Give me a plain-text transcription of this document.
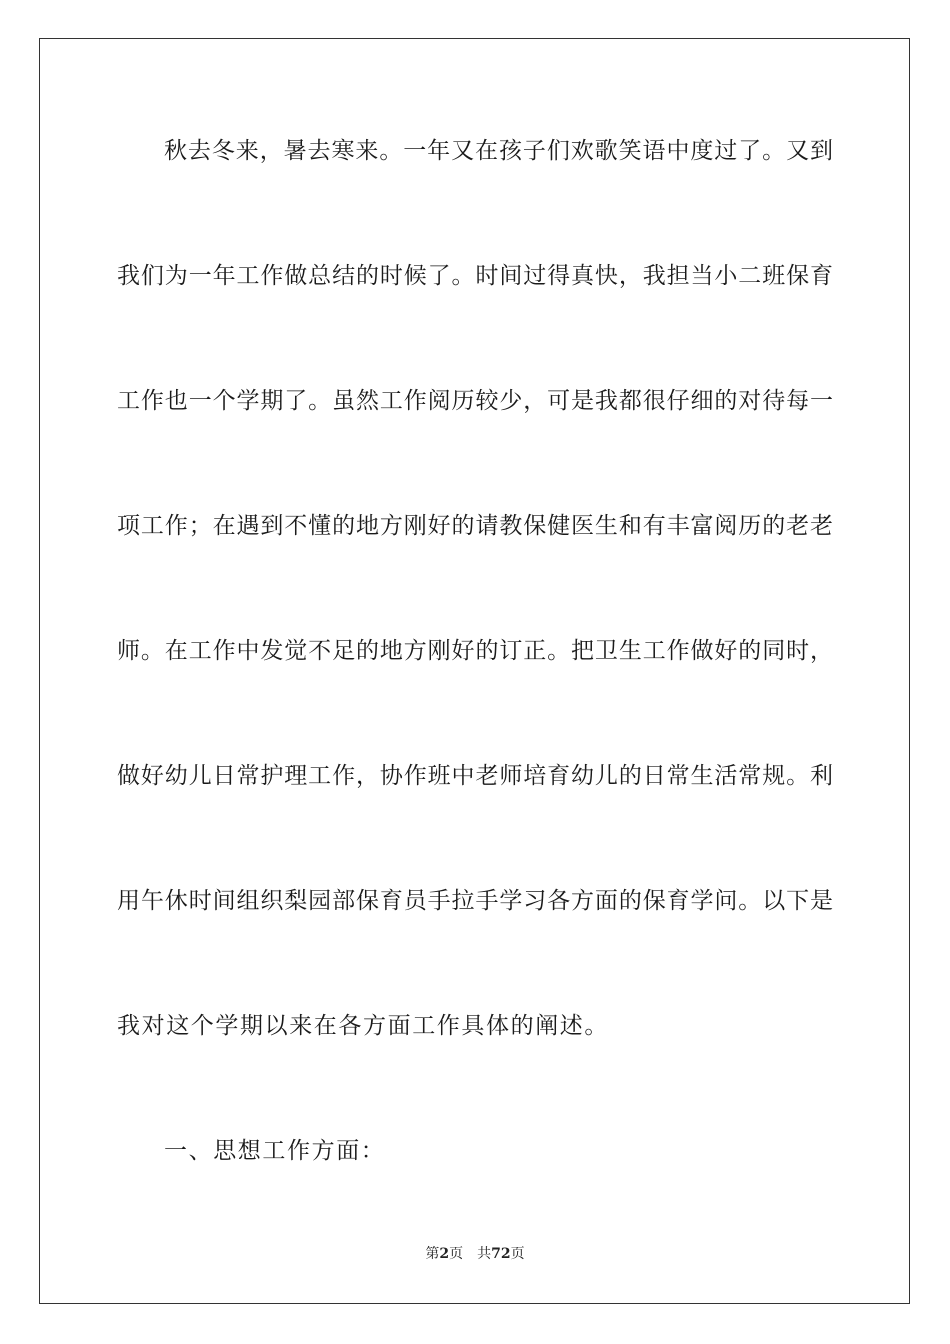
秋去冬来，暑去寒来。一年又在孩子们欢歌笑语中度过了。又到
我们为一年工作做总结的时候了。时间过得真快，我担当小二班保育
工作也一个学期了。虽然工作阅历较少，可是我都很仔细的对待每一
项工作；在遇到不懂的地方刚好的请教保健医生和有丰富阅历的老老
师。在工作中发觉不足的地方刚好的订正。把卫生工作做好的同时，
做好幼儿日常护理工作，协作班中老师培育幼儿的日常生活常规。利
用午休时间组织梨园部保育员手拉手学习各方面的保育学问。以下是
我对这个学期以来在各方面工作具体的阐述。
一、思想工作方面：
第2页 共72页
